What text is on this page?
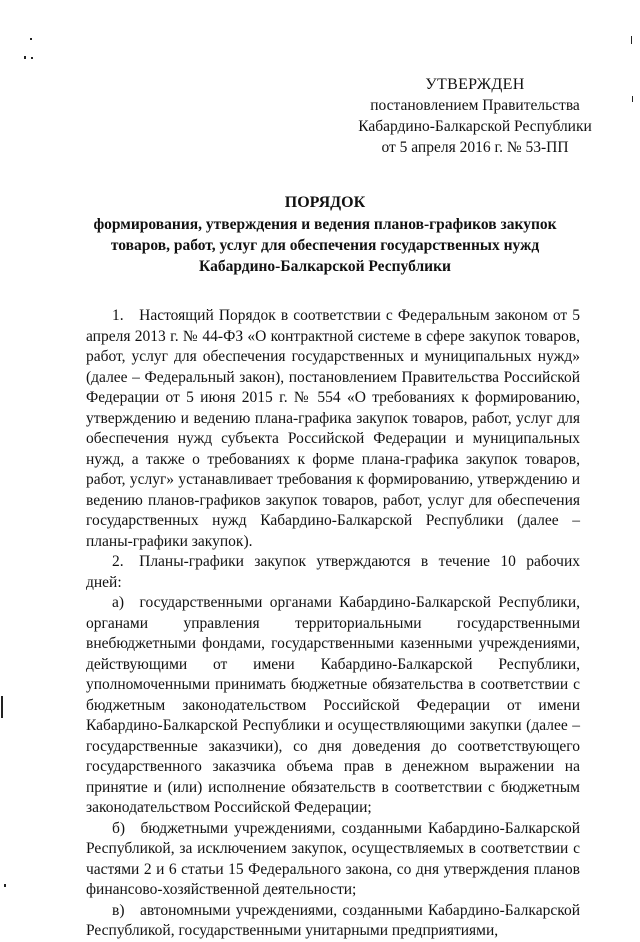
УТВЕРЖДЕН
постановлением Правительства
Кабардино-Балкарской Республики
от 5 апреля 2016 г. № 53-ПП
ПОРЯДОК
формирования, утверждения и ведения планов-графиков закупок
товаров, работ, услуг для обеспечения государственных нужд
Кабардино-Балкарской Республики

1. Настоящий Порядок в соответствии с Федеральным законом от 5 апреля 2013 г. № 44-ФЗ «О контрактной системе в сфере закупок товаров, работ, услуг для обеспечения государственных и муниципальных нужд» (далее – Федеральный закон), постановлением Правительства Российской Федерации от 5 июня 2015 г. № 554 «О требованиях к формированию, утверждению и ведению плана-графика закупок товаров, работ, услуг для обеспечения нужд субъекта Российской Федерации и муниципальных нужд, а также о требованиях к форме плана-графика закупок товаров, работ, услуг» устанавливает требования к формированию, утверждению и ведению планов-графиков закупок товаров, работ, услуг для обеспечения государственных нужд Кабардино-Балкарской Республики (далее – планы-графики закупок).

2. Планы-графики закупок утверждаются в течение 10 рабочих дней:

а) государственными органами Кабардино-Балкарской Республики, органами управления территориальными государственными внебюджетными фондами, государственными казенными учреждениями, действующими от имени Кабардино-Балкарской Республики, уполномоченными принимать бюджетные обязательства в соответствии с бюджетным законодательством Российской Федерации от имени Кабардино-Балкарской Республики и осуществляющими закупки (далее – государственные заказчики), со дня доведения до соответствующего государственного заказчика объема прав в денежном выражении на принятие и (или) исполнение обязательств в соответствии с бюджетным законодательством Российской Федерации;

б) бюджетными учреждениями, созданными Кабардино-Балкарской Республикой, за исключением закупок, осуществляемых в соответствии с частями 2 и 6 статьи 15 Федерального закона, со дня утверждения планов финансово-хозяйственной деятельности;

в) автономными учреждениями, созданными Кабардино-Балкарской Республикой, государственными унитарными предприятиями,
